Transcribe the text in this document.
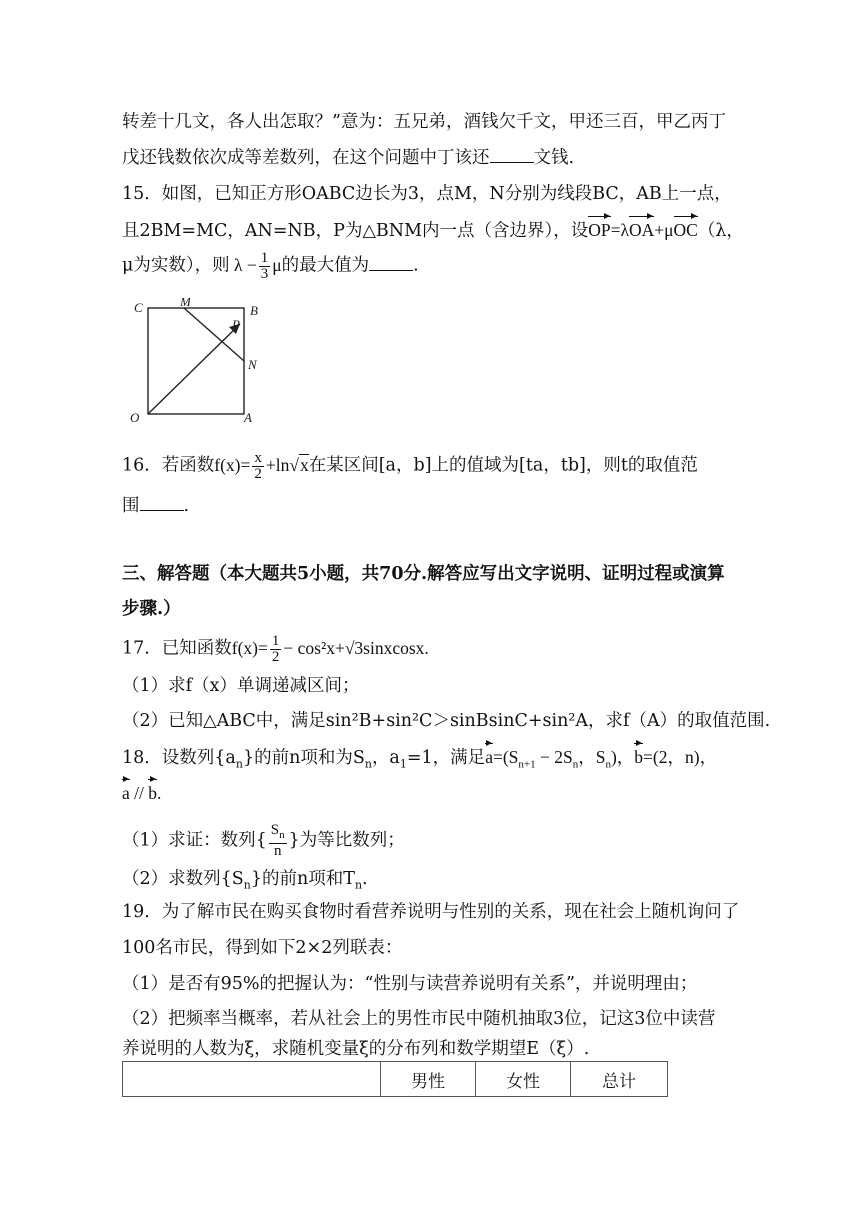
转差十几文，各人出怎取？”意为：五兄弟，酒钱欠千文，甲还三百，甲乙丙丁
戊还钱数依次成等差数列，在这个问题中丁该还	文钱.
15．如图，已知正方形OABC边长为3，点M，N分别为线段BC，AB上一点，
且2BM=MC，AN=NB，P为△BNM内一点（含边界），设OP=λOA+μOC（λ，
μ为实数），则 $\lambda - \frac{1}{3}$ μ的最大值为	.
C	M
B
P
N
O	A
16．若函数$f(x)= \frac{x}{2} +\ln√x$在某区间[a，b]上的值域为[ta，tb]，则t的取值范
围	.
三、解答题（本大题共5小题，共70分.解答应写出文字说明、证明过程或演算
步骤.）
17．已知函数$f(x)= \frac{1}{2}$ − cos²x+√3sinxcosx.
（1）求f（x）单调递减区间；
（2）已知△ABC中，满足sin²B+sin²C＞sinBsinC+sin²A，求f（A）的取值范围.
18．设数列$\{a_n\}$的前n项和为$S_n$，$a_1=1$，满足$a=(S_{n+1} - 2S_n$，$S_n$)，b=(2，n)，
a // b.
（1）求证：数列{ $\frac{S_n}{n}$ }为等比数列；
（2）求数列$\{S_n\}$的前n项和$T_n$.
19．为了解市民在购买食物时看营养说明与性别的关系，现在社会上随机询问了
100名市民，得到如下2×2列联表：
（1）是否有95%的把握认为：“性别与读营养说明有关系”，并说明理由；
（2）把频率当概率，若从社会上的男性市民中随机抽取3位，记这3位中读营
养说明的人数为ξ，求随机变量ξ的分布列和数学期望E（ξ）.
	男性	女性	总计
